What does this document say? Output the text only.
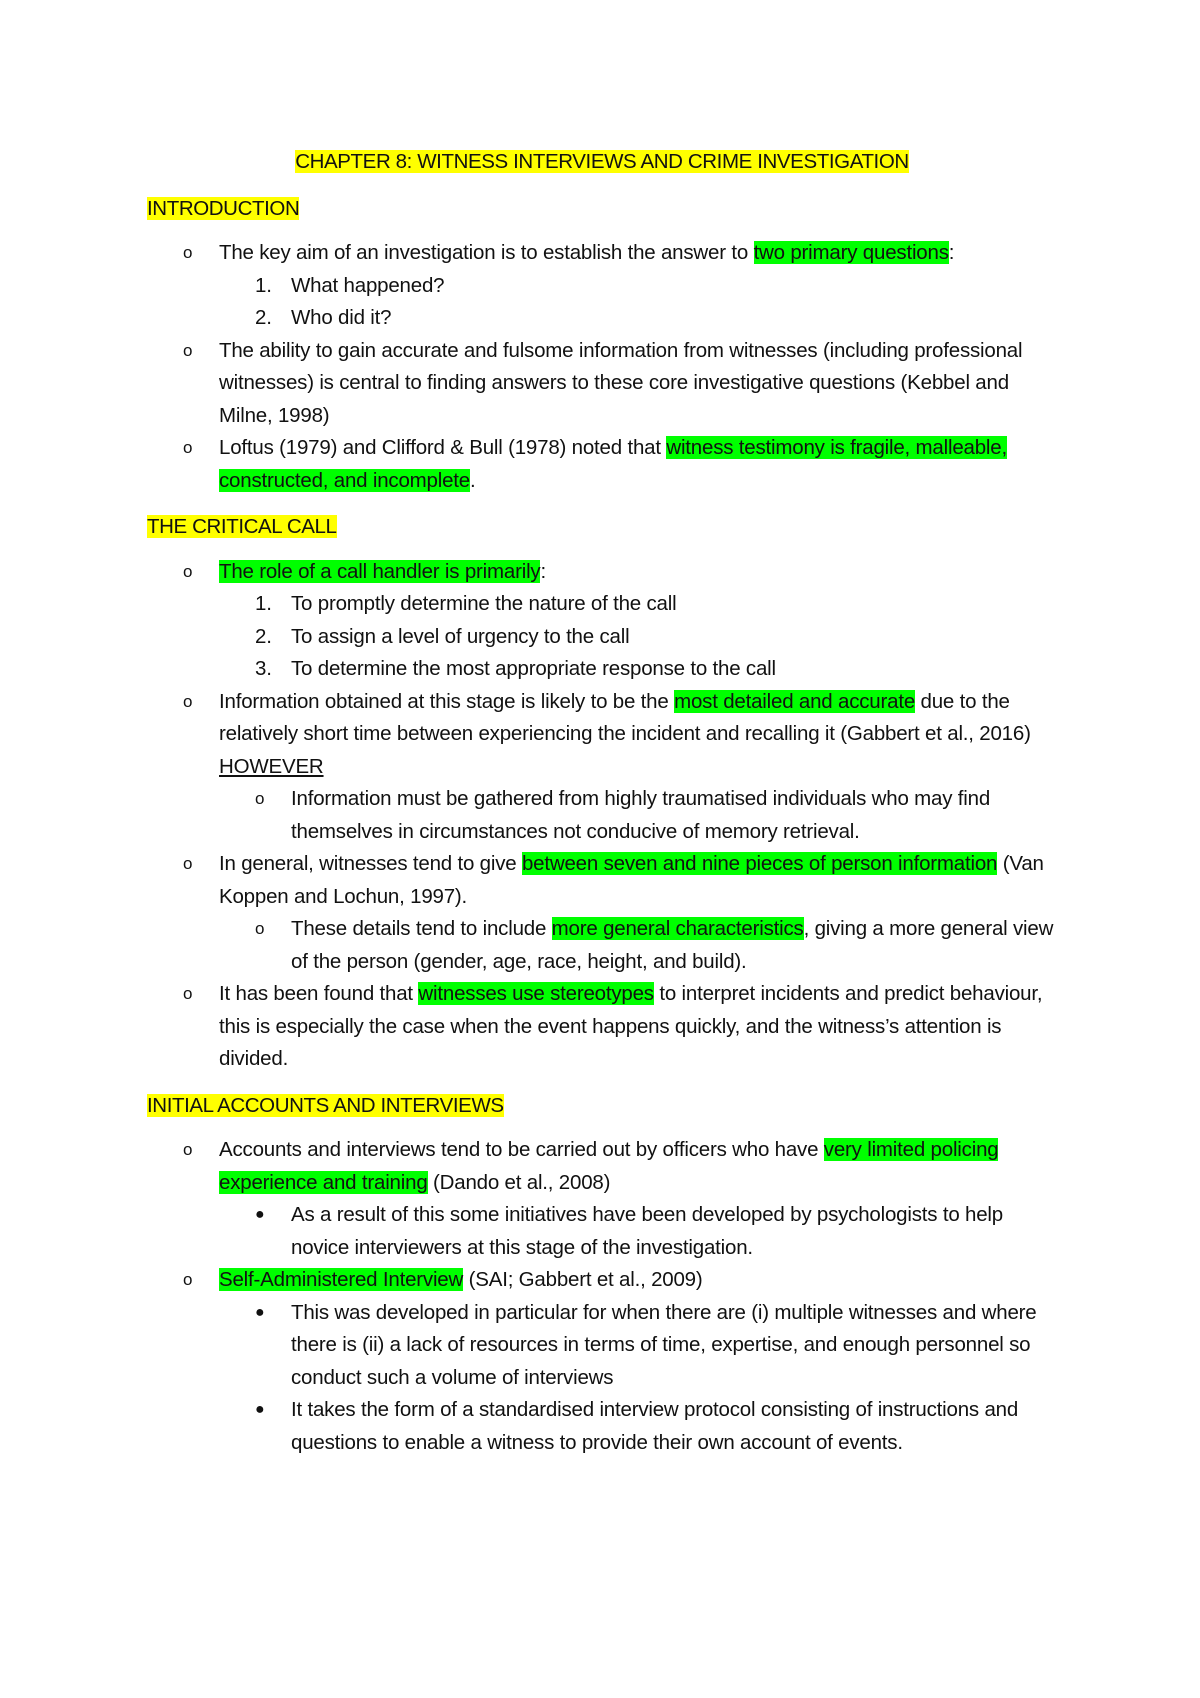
CHAPTER 8: WITNESS INTERVIEWS AND CRIME INVESTIGATION
INTRODUCTION
o	The key aim of an investigation is to establish the answer to two primary questions:
1. What happened?
2. Who did it?
o	The ability to gain accurate and fulsome information from witnesses (including professional witnesses) is central to finding answers to these core investigative questions (Kebbel and Milne, 1998)
o	Loftus (1979) and Clifford & Bull (1978) noted that witness testimony is fragile, malleable, constructed, and incomplete.
THE CRITICAL CALL
o	The role of a call handler is primarily:
1. To promptly determine the nature of the call
2. To assign a level of urgency to the call
3. To determine the most appropriate response to the call
o	Information obtained at this stage is likely to be the most detailed and accurate due to the relatively short time between experiencing the incident and recalling it (Gabbert et al., 2016) HOWEVER
o	Information must be gathered from highly traumatised individuals who may find themselves in circumstances not conducive of memory retrieval.
o	In general, witnesses tend to give between seven and nine pieces of person information (Van Koppen and Lochun, 1997).
o	These details tend to include more general characteristics, giving a more general view of the person (gender, age, race, height, and build).
o	It has been found that witnesses use stereotypes to interpret incidents and predict behaviour, this is especially the case when the event happens quickly, and the witness’s attention is divided.
INITIAL ACCOUNTS AND INTERVIEWS
o	Accounts and interviews tend to be carried out by officers who have very limited policing experience and training (Dando et al., 2008)
●	As a result of this some initiatives have been developed by psychologists to help novice interviewers at this stage of the investigation.
o	Self-Administered Interview (SAI; Gabbert et al., 2009)
●	This was developed in particular for when there are (i) multiple witnesses and where there is (ii) a lack of resources in terms of time, expertise, and enough personnel so conduct such a volume of interviews
●	It takes the form of a standardised interview protocol consisting of instructions and questions to enable a witness to provide their own account of events.
